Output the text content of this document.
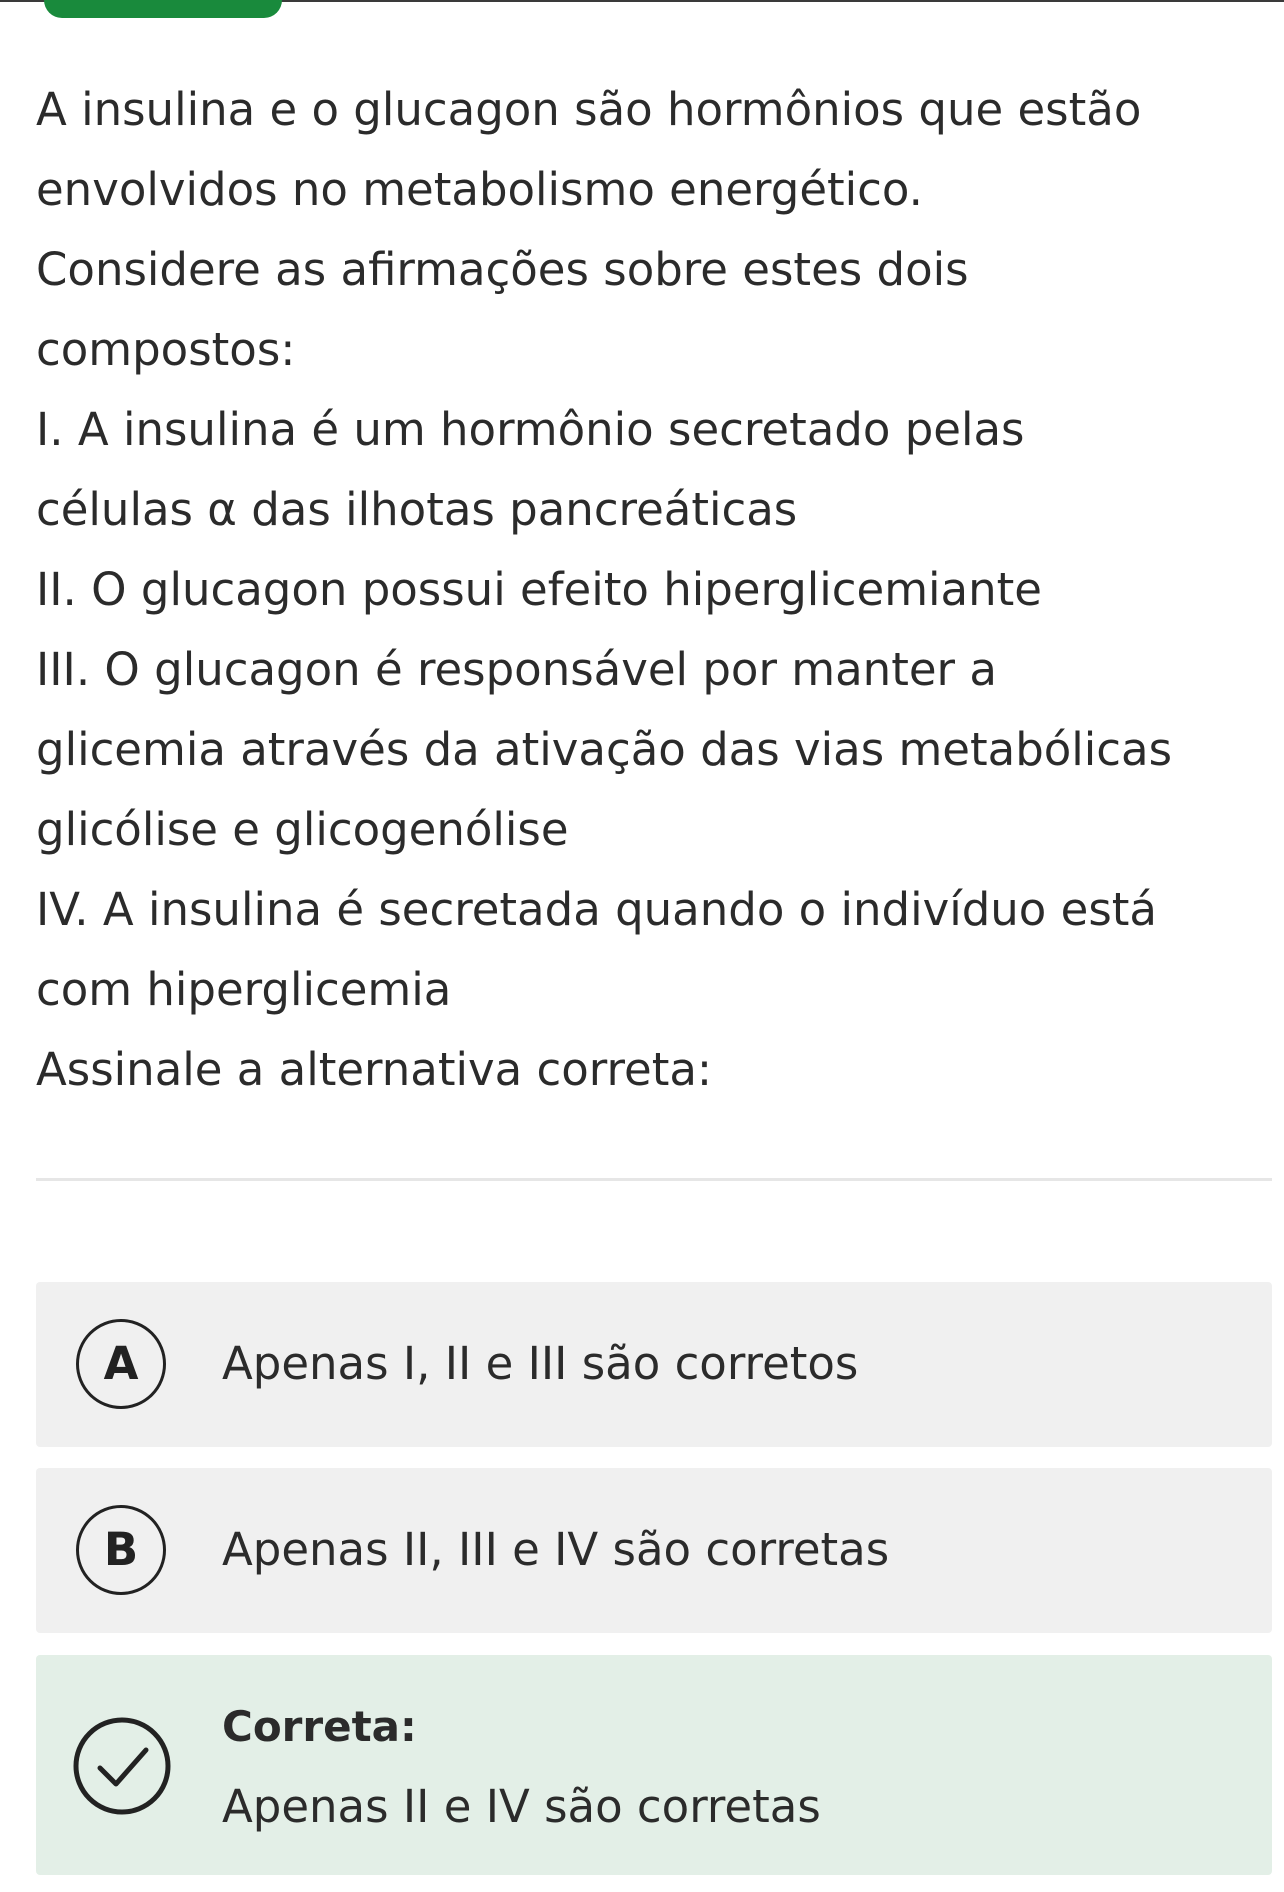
A insulina e o glucagon são hormônios que estão

envolvidos no metabolismo energético.

Considere as afirmações sobre estes dois

compostos:

I. A insulina é um hormônio secretado pelas

células α das ilhotas pancreáticas

II. O glucagon possui efeito hiperglicemiante

III. O glucagon é responsável por manter a

glicemia através da ativação das vias metabólicas

glicólise e glicogenólise

IV. A insulina é secretada quando o indivíduo está

com hiperglicemia

Assinale a alternativa correta:

A	Apenas I, II e III são corretos
B	Apenas II, III e IV são corretas
Correta:
Apenas II e IV são corretas
